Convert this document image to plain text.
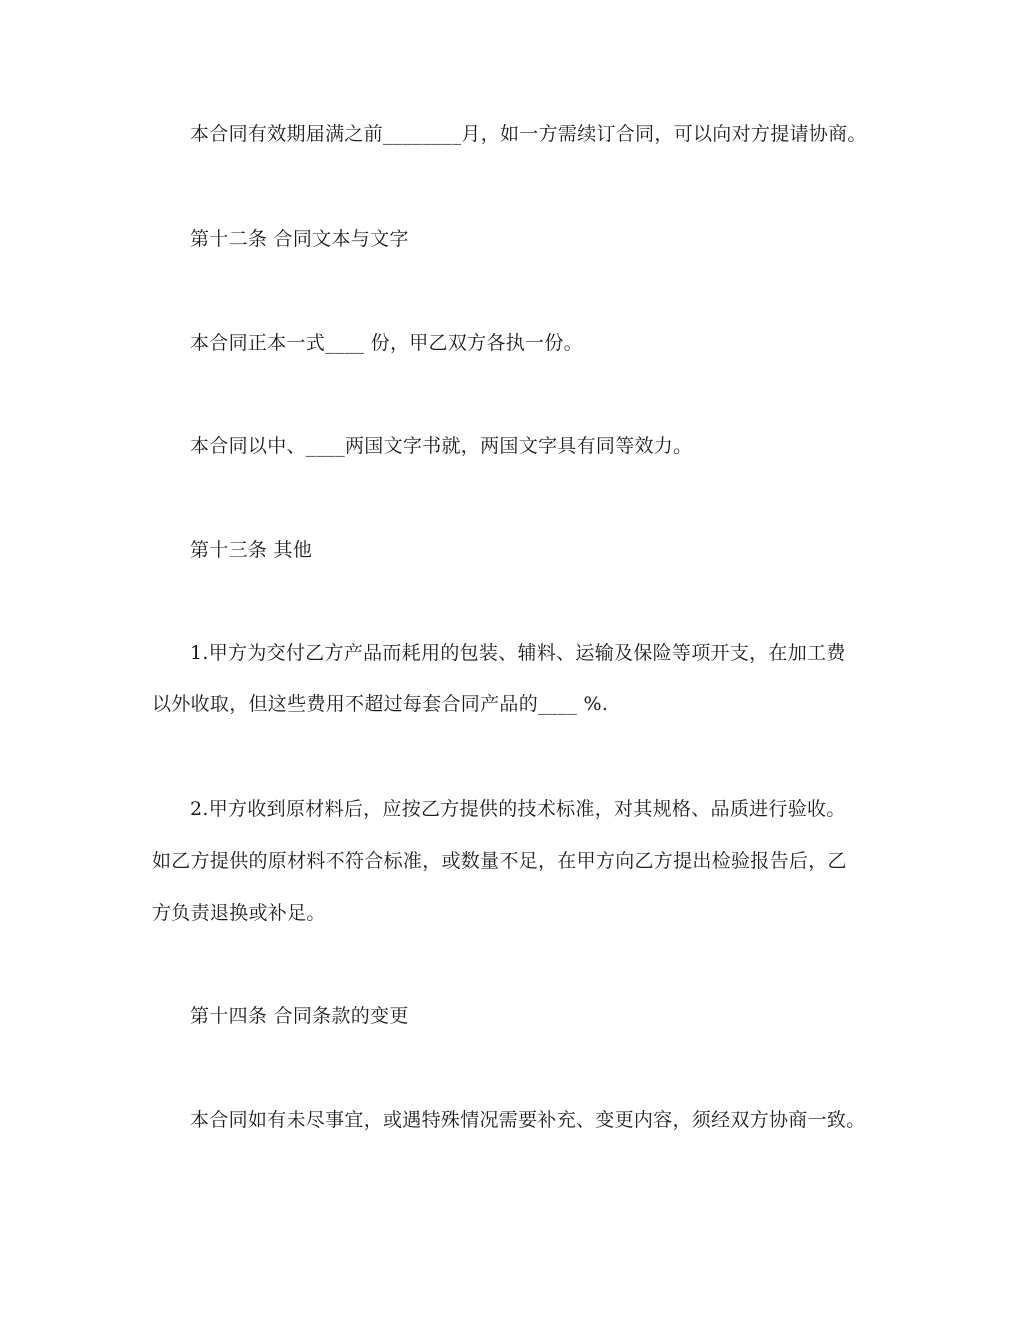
本合同有效期届满之前________月，如一方需续订合同，可以向对方提请协商。
第十二条 合同文本与文字
本合同正本一式____ 份，甲乙双方各执一份。
本合同以中、____两国文字书就，两国文字具有同等效力。
第十三条 其他
1.甲方为交付乙方产品而耗用的包装、辅料、运输及保险等项开支，在加工费
以外收取，但这些费用不超过每套合同产品的____ %.
2.甲方收到原材料后，应按乙方提供的技术标准，对其规格、品质进行验收。
如乙方提供的原材料不符合标准，或数量不足，在甲方向乙方提出检验报告后，乙
方负责退换或补足。
第十四条 合同条款的变更
本合同如有未尽事宜，或遇特殊情况需要补充、变更内容，须经双方协商一致。
